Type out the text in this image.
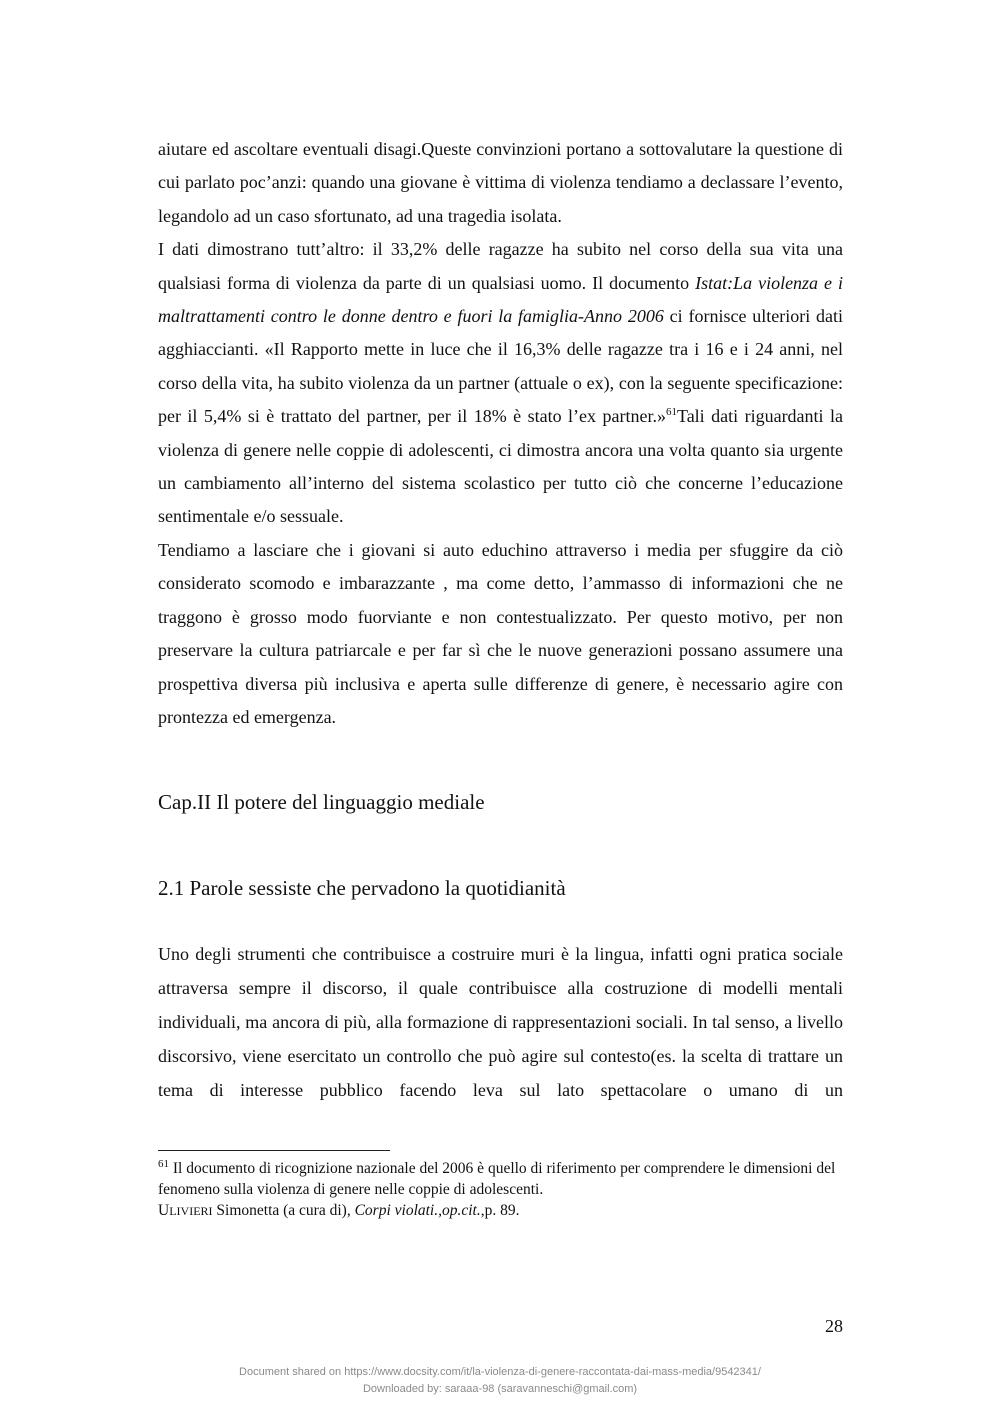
aiutare ed ascoltare eventuali disagi.Queste convinzioni portano a sottovalutare la questione di cui parlato poc’anzi: quando una giovane è vittima di violenza tendiamo a declassare l’evento, legandolo ad un caso sfortunato, ad una tragedia isolata.

I dati dimostrano tutt’altro: il 33,2% delle ragazze ha subito nel corso della sua vita una qualsiasi forma di violenza da parte di un qualsiasi uomo. Il documento Istat:La violenza e i maltrattamenti contro le donne dentro e fuori la famiglia-Anno 2006 ci fornisce ulteriori dati agghiaccianti. «Il Rapporto mette in luce che il 16,3% delle ragazze tra i 16 e i 24 anni, nel corso della vita, ha subito violenza da un partner (attuale o ex), con la seguente specificazione: per il 5,4% si è trattato del partner, per il 18% è stato l’ex partner.»$^{61}$Tali dati riguardanti la violenza di genere nelle coppie di adolescenti, ci dimostra ancora una volta quanto sia urgente un cambiamento all’interno del sistema scolastico per tutto ciò che concerne l’educazione sentimentale e/o sessuale.

Tendiamo a lasciare che i giovani si auto educhino attraverso i media per sfuggire da ciò considerato scomodo e imbarazzante , ma come detto, l’ammasso di informazioni che ne traggono è grosso modo fuorviante e non contestualizzato. Per questo motivo, per non preservare la cultura patriarcale e per far sì che le nuove generazioni possano assumere una prospettiva diversa più inclusiva e aperta sulle differenze di genere, è necessario agire con prontezza ed emergenza.

Cap.II Il potere del linguaggio mediale
2.1 Parole sessiste che pervadono la quotidianità

Uno degli strumenti che contribuisce a costruire muri è la lingua, infatti ogni pratica sociale attraversa sempre il discorso, il quale contribuisce alla costruzione di modelli mentali individuali, ma ancora di più, alla formazione di rappresentazioni sociali. In tal senso, a livello discorsivo, viene esercitato un controllo che può agire sul contesto(es. la scelta di trattare un tema di interesse pubblico facendo leva sul lato spettacolare o umano di un

$^{61}$ Il documento di ricognizione nazionale del 2006 è quello di riferimento per comprendere le dimensioni del fenomeno sulla violenza di genere nelle coppie di adolescenti.
ULIVIERI Simonetta (a cura di), Corpi violati.,op.cit.,p. 89.
28
Document shared on https://www.docsity.com/it/la-violenza-di-genere-raccontata-dai-mass-media/9542341/
Downloaded by: saraaa-98 (saravanneschi@gmail.com)
